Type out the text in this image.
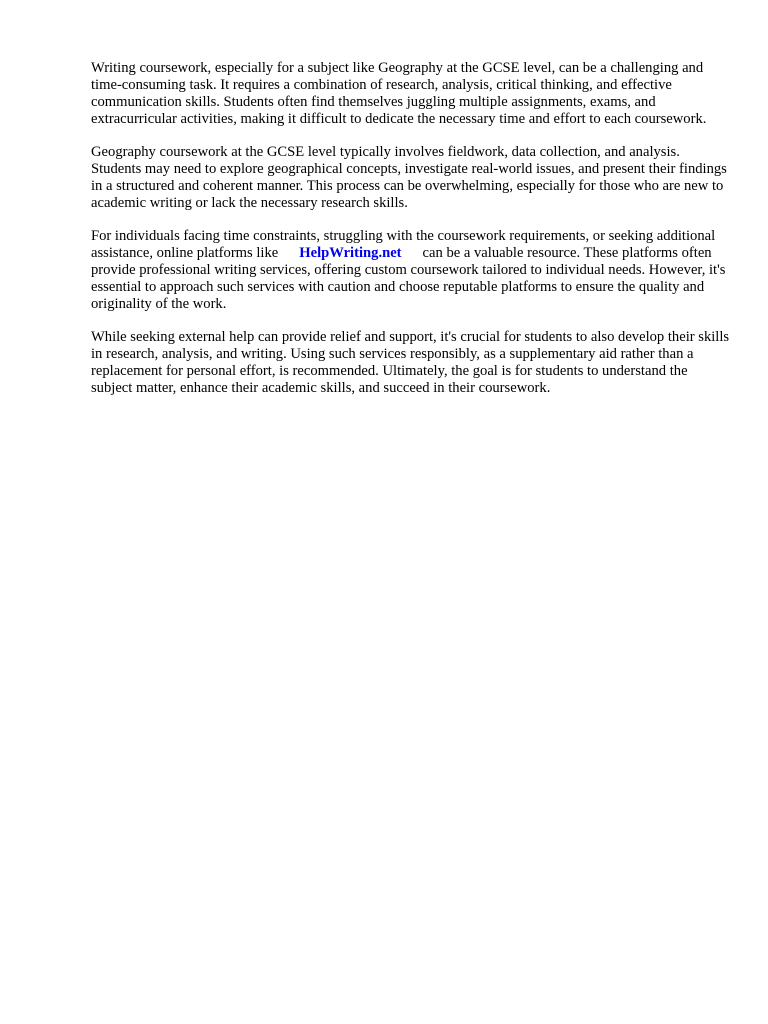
Writing coursework, especially for a subject like Geography at the GCSE level, can be a challenging and time-consuming task. It requires a combination of research, analysis, critical thinking, and effective communication skills. Students often find themselves juggling multiple assignments, exams, and extracurricular activities, making it difficult to dedicate the necessary time and effort to each coursework.

Geography coursework at the GCSE level typically involves fieldwork, data collection, and analysis. Students may need to explore geographical concepts, investigate real-world issues, and present their findings in a structured and coherent manner. This process can be overwhelming, especially for those who are new to academic writing or lack the necessary research skills.

For individuals facing time constraints, struggling with the coursework requirements, or seeking additional assistance, online platforms like HelpWriting.net can be a valuable resource. These platforms often provide professional writing services, offering custom coursework tailored to individual needs. However, it's essential to approach such services with caution and choose reputable platforms to ensure the quality and originality of the work.

While seeking external help can provide relief and support, it's crucial for students to also develop their skills in research, analysis, and writing. Using such services responsibly, as a supplementary aid rather than a replacement for personal effort, is recommended. Ultimately, the goal is for students to understand the subject matter, enhance their academic skills, and succeed in their coursework.
